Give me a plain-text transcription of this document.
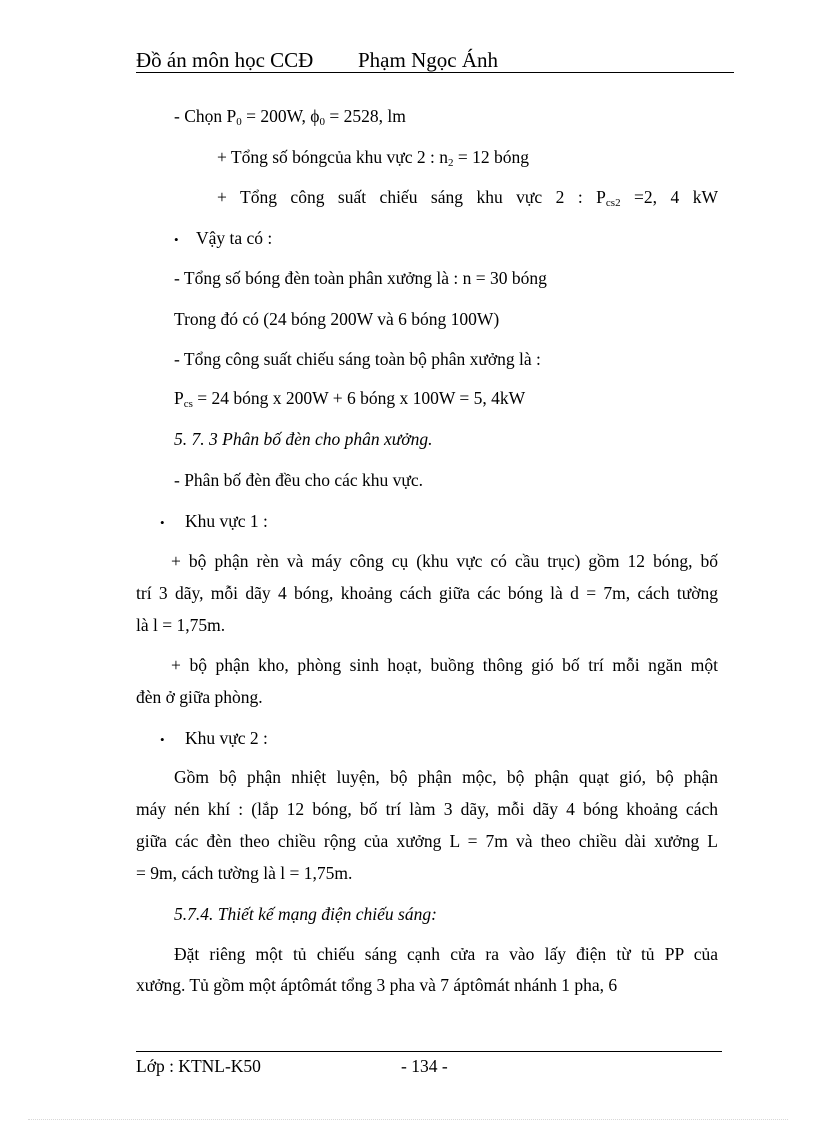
Đồ án môn học CCĐ Phạm Ngọc Ánh
- Chọn $P_0 = 200W$, $\phi_0 = 2528$, lm
+ Tổng số bóngcủa khu vực 2 : $n_2 = 12$ bóng
+ Tổng công suất chiếu sáng khu vực 2 : $P_{cs2} =2$, 4 kW
• Vậy ta có :
- Tổng số bóng đèn toàn phân xưởng là : n = 30 bóng
Trong đó có (24 bóng 200W và 6 bóng 100W)
- Tổng công suất chiếu sáng toàn bộ phân xưởng là :
$P_{cs} = 24$ bóng x 200W + 6 bóng x 100W = 5, 4kW
5. 7. 3 Phân bố đèn cho phân xưởng.
- Phân bố đèn đều cho các khu vực.
• Khu vực 1 :
+ bộ phận rèn và máy công cụ (khu vực có cầu trục) gồm 12 bóng, bố
trí 3 dãy, mỗi dãy 4 bóng, khoảng cách giữa các bóng là d = 7m, cách tường
là l = 1,75m.
+ bộ phận kho, phòng sinh hoạt, buồng thông gió bố trí mỗi ngăn một
đèn ở giữa phòng.
• Khu vực 2 :
Gồm bộ phận nhiệt luyện, bộ phận mộc, bộ phận quạt gió, bộ phận
máy nén khí : (lắp 12 bóng, bố trí làm 3 dãy, mỗi dãy 4 bóng khoảng cách
giữa các đèn theo chiều rộng của xưởng L = 7m và theo chiều dài xưởng L
= 9m, cách tường là l = 1,75m.
5.7.4. Thiết kế mạng điện chiếu sáng:
Đặt riêng một tủ chiếu sáng cạnh cửa ra vào lấy điện từ tủ PP của
xưởng. Tủ gồm một áptômát tổng 3 pha và 7 áptômát nhánh 1 pha, 6
Lớp : KTNL-K50	- 134 -
